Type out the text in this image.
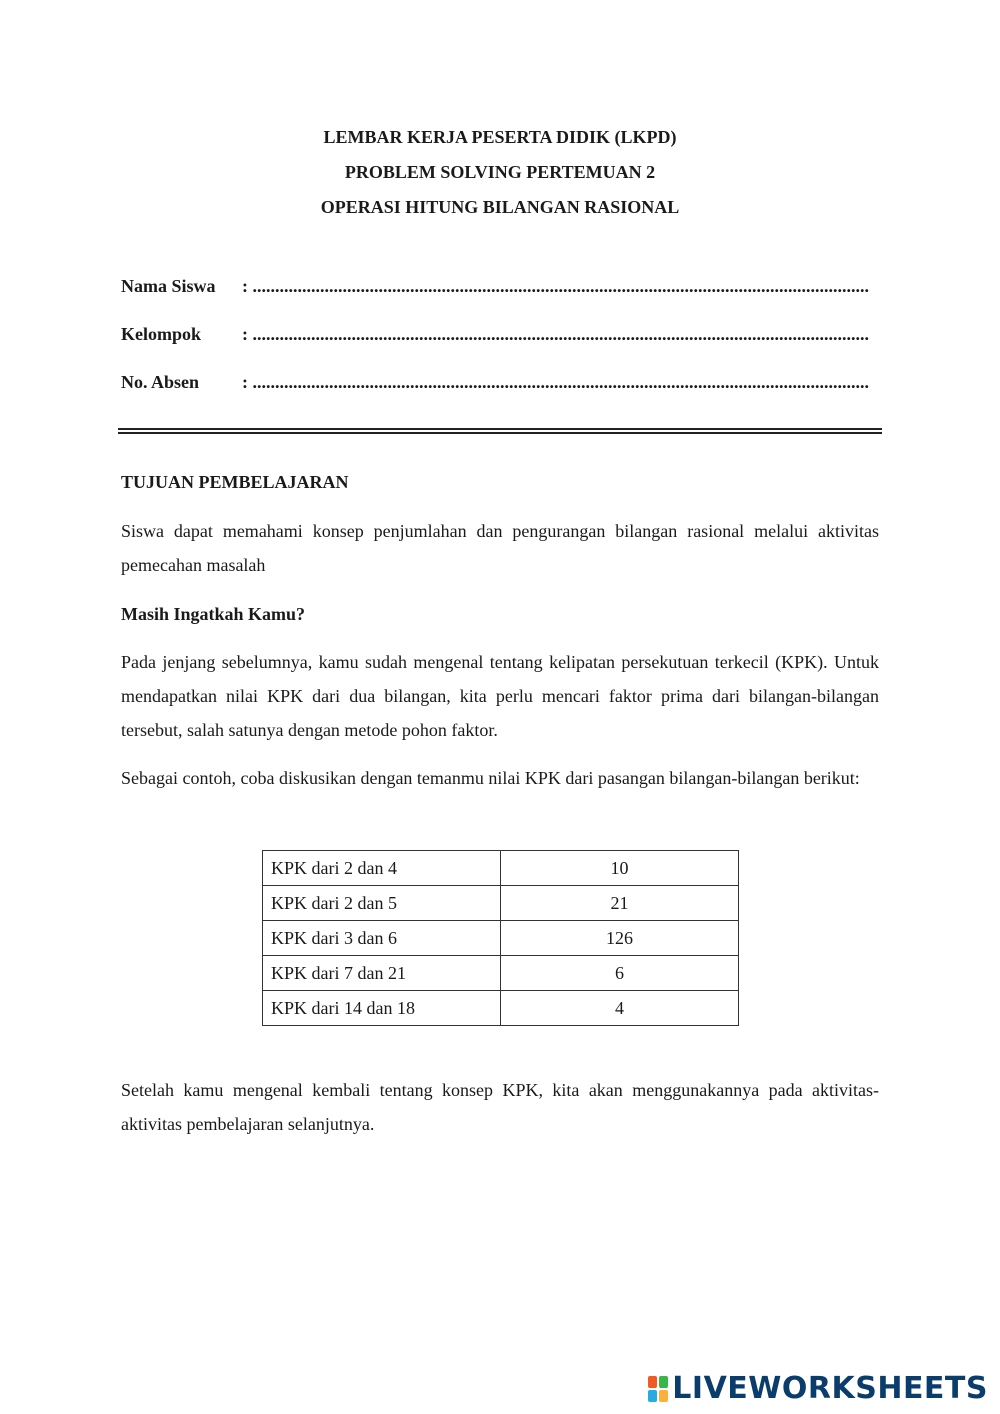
LEMBAR KERJA PESERTA DIDIK (LKPD)
PROBLEM SOLVING PERTEMUAN 2
OPERASI HITUNG BILANGAN RASIONAL
Nama Siswa : .........................................................................................................................................
Kelompok : .........................................................................................................................................
No. Absen : .........................................................................................................................................

TUJUAN PEMBELAJARAN

Siswa dapat memahami konsep penjumlahan dan pengurangan bilangan rasional melalui aktivitas pemecahan masalah

Masih Ingatkah Kamu?

Pada jenjang sebelumnya, kamu sudah mengenal tentang kelipatan persekutuan terkecil (KPK). Untuk mendapatkan nilai KPK dari dua bilangan, kita perlu mencari faktor prima dari bilangan-bilangan tersebut, salah satunya dengan metode pohon faktor.

Sebagai contoh, coba diskusikan dengan temanmu nilai KPK dari pasangan bilangan-bilangan berikut:

KPK dari 2 dan 4	10
KPK dari 2 dan 5	21
KPK dari 3 dan 6	126
KPK dari 7 dan 21	6
KPK dari 14 dan 18	4

Setelah kamu mengenal kembali tentang konsep KPK, kita akan menggunakannya pada aktivitas-aktivitas pembelajaran selanjutnya.

LIVEWORKSHEETS
